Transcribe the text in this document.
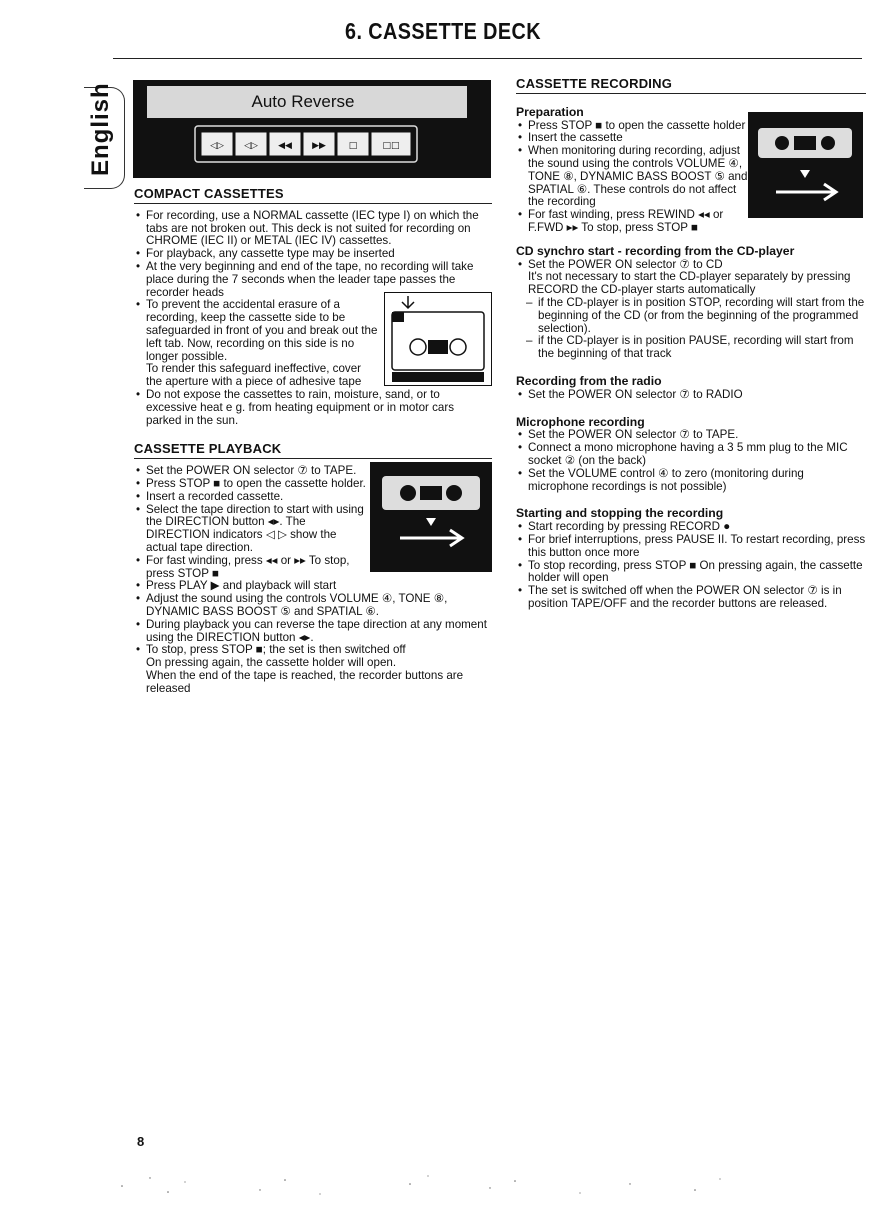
6. CASSETTE DECK
English	Auto Reverse
◁▷ ◁▷ ◀◀ ▶▶	□	□□
COMPACT CASSETTES
• For recording, use a NORMAL cassette (IEC type I) on which the tabs are not broken out. This deck is not suited for recording on CHROME (IEC II) or METAL (IEC IV) cassettes.
• For playback, any cassette type may be inserted
• At the very beginning and end of the tape, no recording will take place during the 7 seconds when the leader tape passes the recorder heads
• To prevent the accidental erasure of a recording, keep the cassette side to be safeguarded in front of you and break out the left tab. Now, recording on this side is no longer possible.
To render this safeguard ineffective, cover the aperture with a piece of adhesive tape
• Do not expose the cassettes to rain, moisture, sand, or to excessive heat e g. from heating equipment or in motor cars parked in the sun.
CASSETTE PLAYBACK
• Set the POWER ON selector ⑦ to TAPE.
• Press STOP ■ to open the cassette holder.
• Insert a recorded cassette.
• Select the tape direction to start with using the DIRECTION button ◂▸. The DIRECTION indicators ◁ ▷ show the actual tape direction.
• For fast winding, press ◂◂ or ▸▸ To stop, press STOP ■
• Press PLAY ▶ and playback will start
• Adjust the sound using the controls VOLUME ④, TONE ⑧, DYNAMIC BASS BOOST ⑤ and SPATIAL ⑥.
• During playback you can reverse the tape direction at any moment using the DIRECTION button ◂▸.
• To stop, press STOP ■; the set is then switched off
On pressing again, the cassette holder will open.
When the end of the tape is reached, the recorder buttons are released
CASSETTE RECORDING
Preparation
• Press STOP ■ to open the cassette holder
• Insert the cassette
• When monitoring during recording, adjust the sound using the controls VOLUME ④, TONE ⑧, DYNAMIC BASS BOOST ⑤ and SPATIAL ⑥. These controls do not affect the recording
• For fast winding, press REWIND ◂◂ or F.FWD ▸▸ To stop, press STOP ■
CD synchro start - recording from the CD-player
• Set the POWER ON selector ⑦ to CD

It's not necessary to start the CD-player separately by pressing RECORD the CD-player starts automatically

– if the CD-player is in position STOP, recording will start from the beginning of the CD (or from the beginning of the programmed selection).
– if the CD-player is in position PAUSE, recording will start from the beginning of that track
Recording from the radio
• Set the POWER ON selector ⑦ to RADIO
Microphone recording
• Set the POWER ON selector ⑦ to TAPE.
• Connect a mono microphone having a 3 5 mm plug to the MIC socket ② (on the back)
• Set the VOLUME control ④ to zero (monitoring during microphone recordings is not possible)
Starting and stopping the recording
• Start recording by pressing RECORD ●
• For brief interruptions, press PAUSE II. To restart recording, press this button once more
• To stop recording, press STOP ■ On pressing again, the cassette holder will open
• The set is switched off when the POWER ON selector ⑦ is in position TAPE/OFF and the recorder buttons are released.
8
